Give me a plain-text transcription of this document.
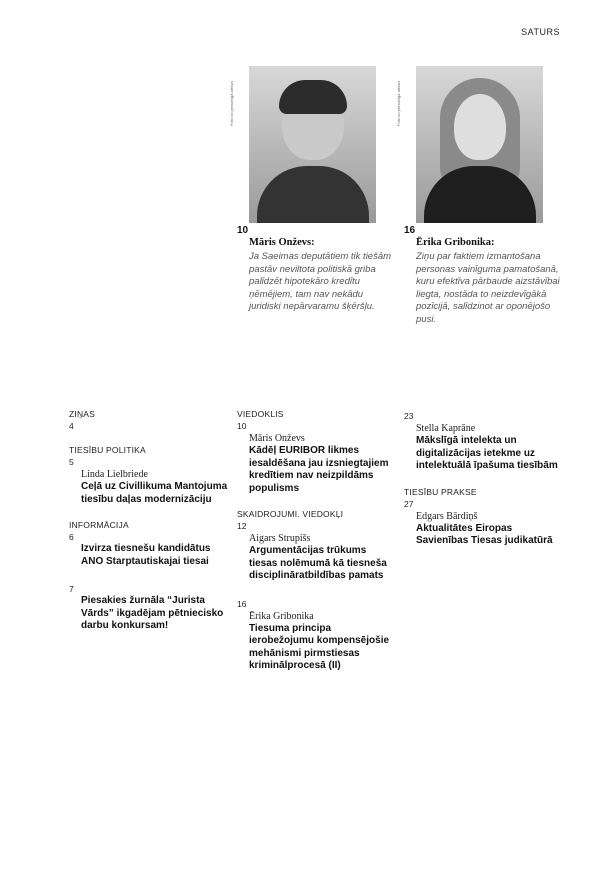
SATURS
Foto no personīgā arhīva
10
Māris Onževs:
Ja Saeimas deputātiem tik tiešām pastāv neviltota politiskā griba palīdzēt hipotekāro kredītu ņēmējiem, tam nav nekādu juridiski nepārvaramu šķēršļu.
Foto no personīgā arhīva
16
Ērika Gribonika:
Ziņu par faktiem izmantošana personas vainīguma pamatošanā, kuru efektīva pārbaude aizstāvībai liegta, nostāda to neizdevīgākā pozīcijā, salīdzinot ar oponējošo pusi.
ZIŅAS
4
TIESĪBU POLITIKA
5
Linda Lielbriede
Ceļā uz Civillikuma Mantojuma tiesību daļas modernizāciju
INFORMĀCIJA
6
Izvirza tiesnešu kandidātus ANO Starptautiskajai tiesai
7
Piesakies žurnāla “Jurista Vārds” ikgadējam pētniecisko darbu konkursam!
VIEDOKLIS
10
Māris Onževs
Kādēļ EURIBOR likmes iesaldēšana jau izsniegtajiem kredītiem nav neizpildāms populisms
SKAIDROJUMI. VIEDOKĻI
12
Aigars Strupišs
Argumentācijas trūkums tiesas nolēmumā kā tiesneša disciplināratbildības pamats
16
Ērika Gribonika
Tiesuma principa ierobežojumu kompensējošie mehānismi pirmstiesas kriminālprocesā (II)
23
Stella Kaprāne
Mākslīgā intelekta un digitalizācijas ietekme uz intelektuālā īpašuma tiesībām
TIESĪBU PRAKSE
27
Edgars Bārdiņš
Aktualitātes Eiropas Savienības Tiesas judikatūrā
